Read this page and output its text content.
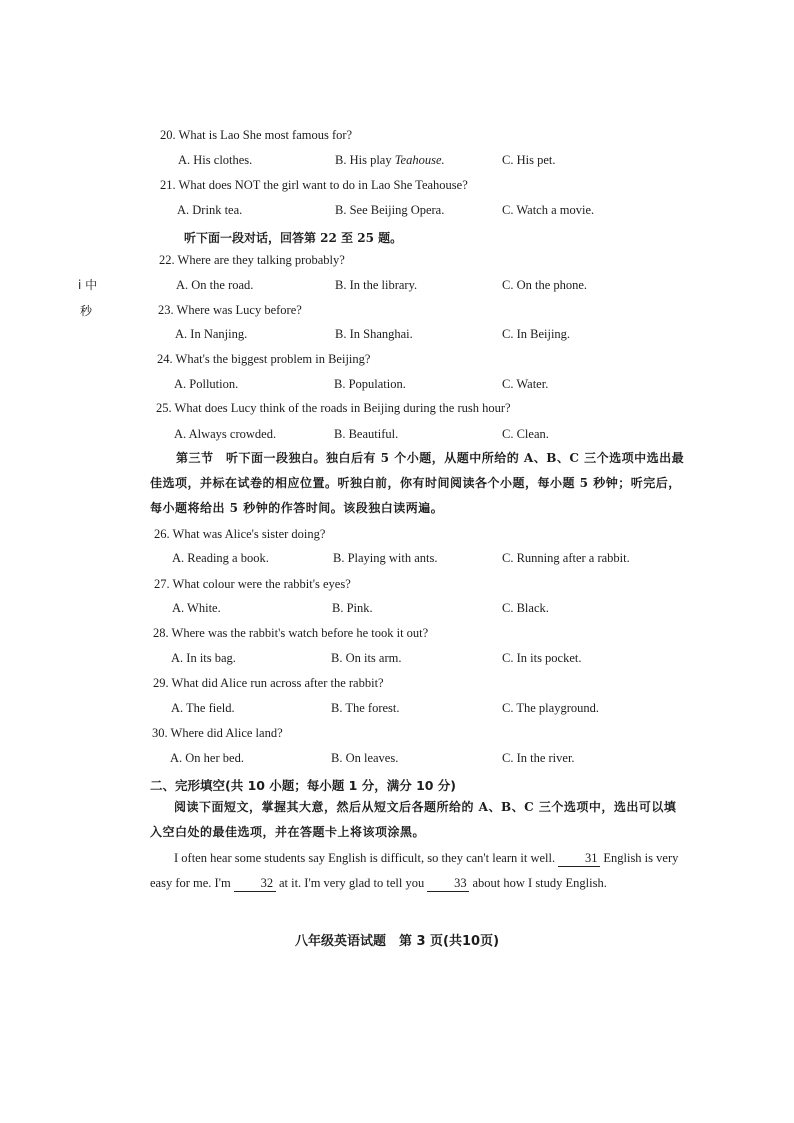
i 中
秒
20. What is Lao She most famous for?
A. His clothes.	B. His play Teahouse.	C. His pet.
21. What does NOT the girl want to do in Lao She Teahouse?
A. Drink tea.	B. See Beijing Opera.	C. Watch a movie.
听下面一段对话，回答第 22 至 25 题。
22. Where are they talking probably?
A. On the road.	B. In the library.	C. On the phone.
23. Where was Lucy before?
A. In Nanjing.	B. In Shanghai.	C. In Beijing.
24. What's the biggest problem in Beijing?
A. Pollution.	B. Population.	C. Water.
25. What does Lucy think of the roads in Beijing during the rush hour?
A. Always crowded.	B. Beautiful.	C. Clean.
第三节　听下面一段独白。独白后有 5 个小题，从题中所给的 A、B、C 三个选项中选出最佳选项，并标在试卷的相应位置。听独白前，你有时间阅读各个小题，每小题 5 秒钟；听完后，每小题将给出 5 秒钟的作答时间。该段独白读两遍。
26. What was Alice's sister doing?
A. Reading a book.	B. Playing with ants.	C. Running after a rabbit.
27. What colour were the rabbit's eyes?
A. White.	B. Pink.	C. Black.
28. Where was the rabbit's watch before he took it out?
A. In its bag.	B. On its arm.	C. In its pocket.
29. What did Alice run across after the rabbit?
A. The field.	B. The forest.	C. The playground.
30. Where did Alice land?
A. On her bed.	B. On leaves.	C. In the river.
二、完形填空(共 10 小题；每小题 1 分，满分 10 分)
阅读下面短文，掌握其大意，然后从短文后各题所给的 A、B、C 三个选项中，选出可以填入空白处的最佳选项，并在答题卡上将该项涂黑。
I often hear some students say English is difficult, so they can't learn it well. 31 English is very easy for me. I'm 32 at it. I'm very glad to tell you 33 about how I study English.
八年级英语试题　第 3 页(共10页)
